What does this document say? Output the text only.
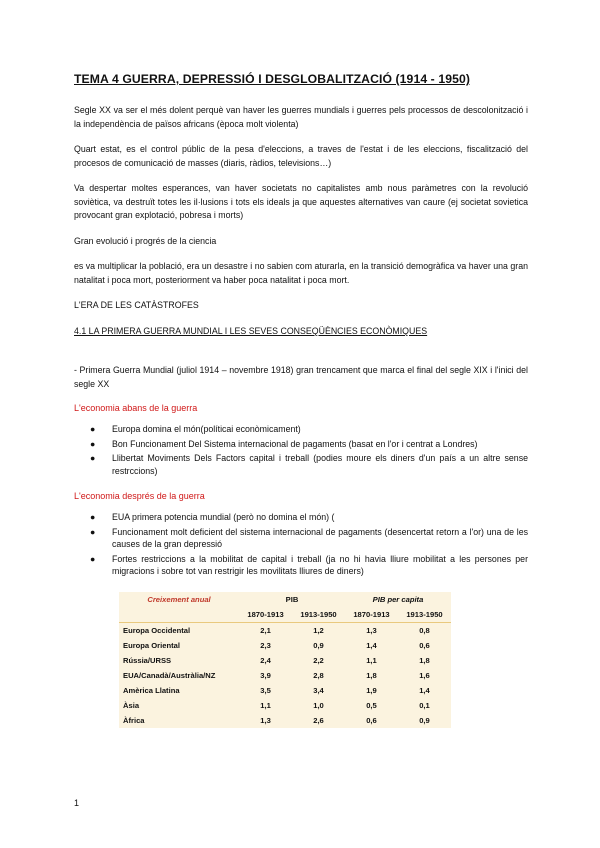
TEMA 4 GUERRA, DEPRESSIÓ I DESGLOBALITZACIÓ (1914 - 1950)

Segle XX va ser el més dolent perquè van haver les guerres mundials i guerres pels processos de descolonització i la independència de països africans (època molt violenta)

Quart estat, es el control públic de la pesa d'eleccions, a traves de l'estat i de les eleccions, fiscalització del procesos de comunicació de masses (diaris, ràdios, televisions…)

Va despertar moltes esperances, van haver societats no capitalistes amb nous paràmetres con la revolució soviètica, va destruït totes les il·lusions i tots els ideals ja que aquestes alternatives van caure (ej societat sovietica provocant gran explotació, pobresa i morts)

Gran evolució i progrés de la ciencia

es va multiplicar la població, era un desastre i no sabien com aturarla, en la transició demogràfica va haver una gran natalitat i poca mort, posteriorment va haber poca natalitat i poca mort.

L'ERA DE LES CATÀSTROFES

4.1 LA PRIMERA GUERRA MUNDIAL I LES SEVES CONSEQÜÈNCIES ECONÒMIQUES

- Primera Guerra Mundial (juliol 1914 – novembre 1918) gran trencament que marca el final del segle XIX i l'inici del segle XX

L'economia abans de la guerra
● Europa domina el món(políticai econòmicament)
● Bon Funcionament Del Sistema internacional de pagaments (basat en l'or i centrat a Londres)
● Llibertat Moviments Dels Factors capital i treball (podies moure els diners d'un país a un altre sense restrccions)
L'economia després de la guerra
● EUA primera potencia mundial (però no domina el món) (
● Funcionament molt deficient del sistema internacional de pagaments (desencertat retorn a l'or) una de les causes de la gran depressió
● Fortes restriccions a la mobilitat de capital i treball (ja no hi havia lliure mobilitat a les persones per migracions i sobre tot van restrigir les movilitats lliures de diners)
Creixement anual	PIB		PIB per capita	
	1870-1913	1913-1950	1870-1913	1913-1950
Europa Occidental	2,1	1,2	1,3	0,8
Europa Oriental	2,3	0,9	1,4	0,6
Rússia/URSS	2,4	2,2	1,1	1,8
EUA/Canadà/Austràlia/NZ	3,9	2,8	1,8	1,6
Amèrica Llatina	3,5	3,4	1,9	1,4
Àsia	1,1	1,0	0,5	0,1
Àfrica	1,3	2,6	0,6	0,9
1
